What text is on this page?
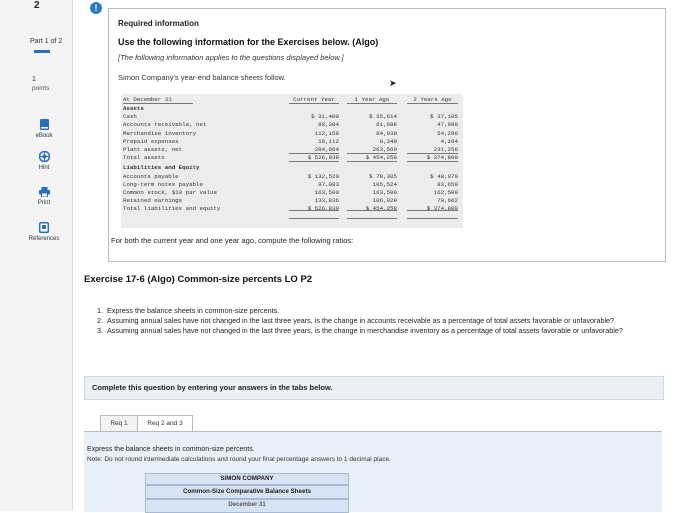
Part 1 of 2
1
points
eBook
Hint
Print
References
2	!
Required information
Use the following information for the Exercises below. (Algo)
[The following information applies to the questions displayed below.]
Simon Company's year-end balance sheets follow.
➤
At December 31	Current Year	1 Year Ago	2 Years Ago
Assets
Cash	$ 31,400	$ 35,614	$ 37,105
Accounts receivable, net	88,304	61,688	47,989
Merchandise inventory	112,159	84,038	54,286
Prepaid expenses	10,112	9,349	4,164
Plant assets, net	284,964	263,569	231,256
Total assets	$ 526,939	$ 454,258	$ 374,800
Liabilities and Equity
Accounts payable	$ 132,520	$ 78,305	$ 48,979
Long-term notes payable	97,083	105,524	83,659
Common stock, $10 par value	163,500	163,500	162,500
Retained earnings	133,836	106,929	79,662
Total liabilities and equity	$ 526,939	$ 454,258	$ 374,800
For both the current year and one year ago, compute the following ratios:
Exercise 17-6 (Algo) Common-size percents LO P2
1. Express the balance sheets in common-size percents.
2. Assuming annual sales have not changed in the last three years, is the change in accounts receivable as a percentage of total assets favorable or unfavorable?
3. Assuming annual sales have not changed in the last three years, is the change in merchandise inventory as a percentage of total assets favorable or unfavorable?
Complete this question by entering your answers in the tabs below.
Req 1	Req 2 and 3
Express the balance sheets in common-size percents.
Note: Do not round intermediate calculations and round your final percentage answers to 1 decimal place.
SIMON COMPANY
Common-Size Comparative Balance Sheets
December 31
